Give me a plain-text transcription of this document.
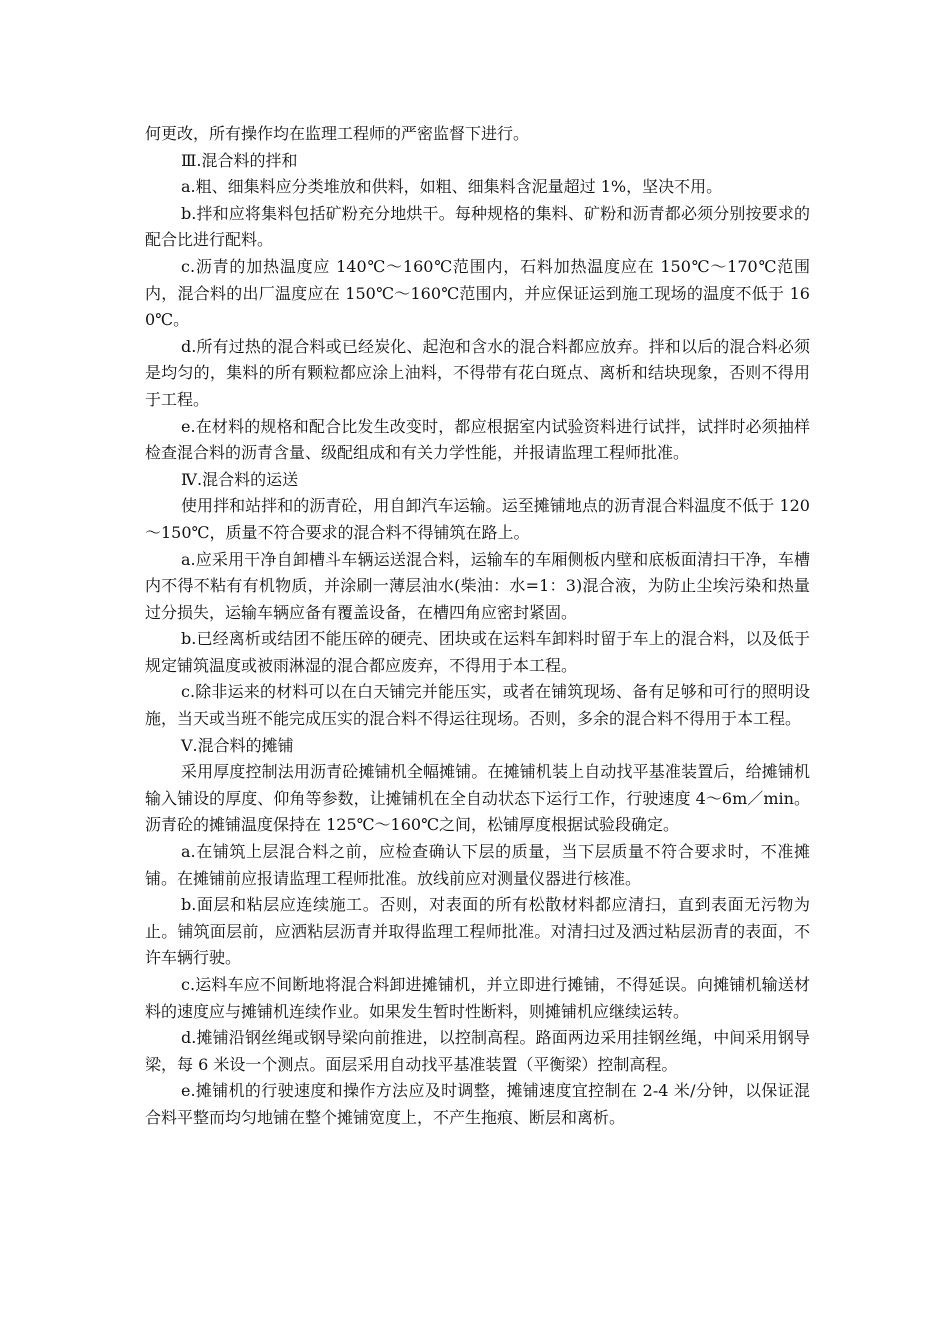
何更改，所有操作均在监理工程师的严密监督下进行。

Ⅲ.混合料的拌和

a.粗、细集料应分类堆放和供料，如粗、细集料含泥量超过 1%，坚决不用。

b.拌和应将集料包括矿粉充分地烘干。每种规格的集料、矿粉和沥青都必须分别按要求的配合比进行配料。

c.沥青的加热温度应 140℃～160℃范围内，石料加热温度应在 150℃～170℃范围内，混合料的出厂温度应在 150℃～160℃范围内，并应保证运到施工现场的温度不低于 160℃。

d.所有过热的混合料或已经炭化、起泡和含水的混合料都应放弃。拌和以后的混合料必须是均匀的，集料的所有颗粒都应涂上油料，不得带有花白斑点、离析和结块现象，否则不得用于工程。

e.在材料的规格和配合比发生改变时，都应根据室内试验资料进行试拌，试拌时必须抽样检查混合料的沥青含量、级配组成和有关力学性能，并报请监理工程师批准。

Ⅳ.混合料的运送

使用拌和站拌和的沥青砼，用自卸汽车运输。运至摊铺地点的沥青混合料温度不低于 120～150℃，质量不符合要求的混合料不得铺筑在路上。

a.应采用干净自卸槽斗车辆运送混合料，运输车的车厢侧板内壁和底板面清扫干净，车槽内不得不粘有有机物质，并涂刷一薄层油水(柴油：水=1：3)混合液，为防止尘埃污染和热量过分损失，运输车辆应备有覆盖设备，在槽四角应密封紧固。

b.已经离析或结团不能压碎的硬壳、团块或在运料车卸料时留于车上的混合料，以及低于规定铺筑温度或被雨淋湿的混合都应废弃，不得用于本工程。

c.除非运来的材料可以在白天铺完并能压实，或者在铺筑现场、备有足够和可行的照明设施，当天或当班不能完成压实的混合料不得运往现场。否则，多余的混合料不得用于本工程。

Ⅴ.混合料的摊铺

采用厚度控制法用沥青砼摊铺机全幅摊铺。在摊铺机装上自动找平基准装置后，给摊铺机输入铺设的厚度、仰角等参数，让摊铺机在全自动状态下运行工作，行驶速度 4～6m／min。沥青砼的摊铺温度保持在 125℃～160℃之间，松铺厚度根据试验段确定。

a.在铺筑上层混合料之前，应检查确认下层的质量，当下层质量不符合要求时，不准摊铺。在摊铺前应报请监理工程师批准。放线前应对测量仪器进行核准。

b.面层和粘层应连续施工。否则，对表面的所有松散材料都应清扫，直到表面无污物为止。铺筑面层前，应洒粘层沥青并取得监理工程师批准。对清扫过及洒过粘层沥青的表面，不许车辆行驶。

c.运料车应不间断地将混合料卸进摊铺机，并立即进行摊铺，不得延误。向摊铺机输送材料的速度应与摊铺机连续作业。如果发生暂时性断料，则摊铺机应继续运转。

d.摊铺沿钢丝绳或钢导梁向前推进，以控制高程。路面两边采用挂钢丝绳，中间采用钢导梁，每 6 米设一个测点。面层采用自动找平基准装置（平衡梁）控制高程。

e.摊铺机的行驶速度和操作方法应及时调整，摊铺速度宜控制在 2-4 米/分钟，以保证混合料平整而均匀地铺在整个摊铺宽度上，不产生拖痕、断层和离析。
